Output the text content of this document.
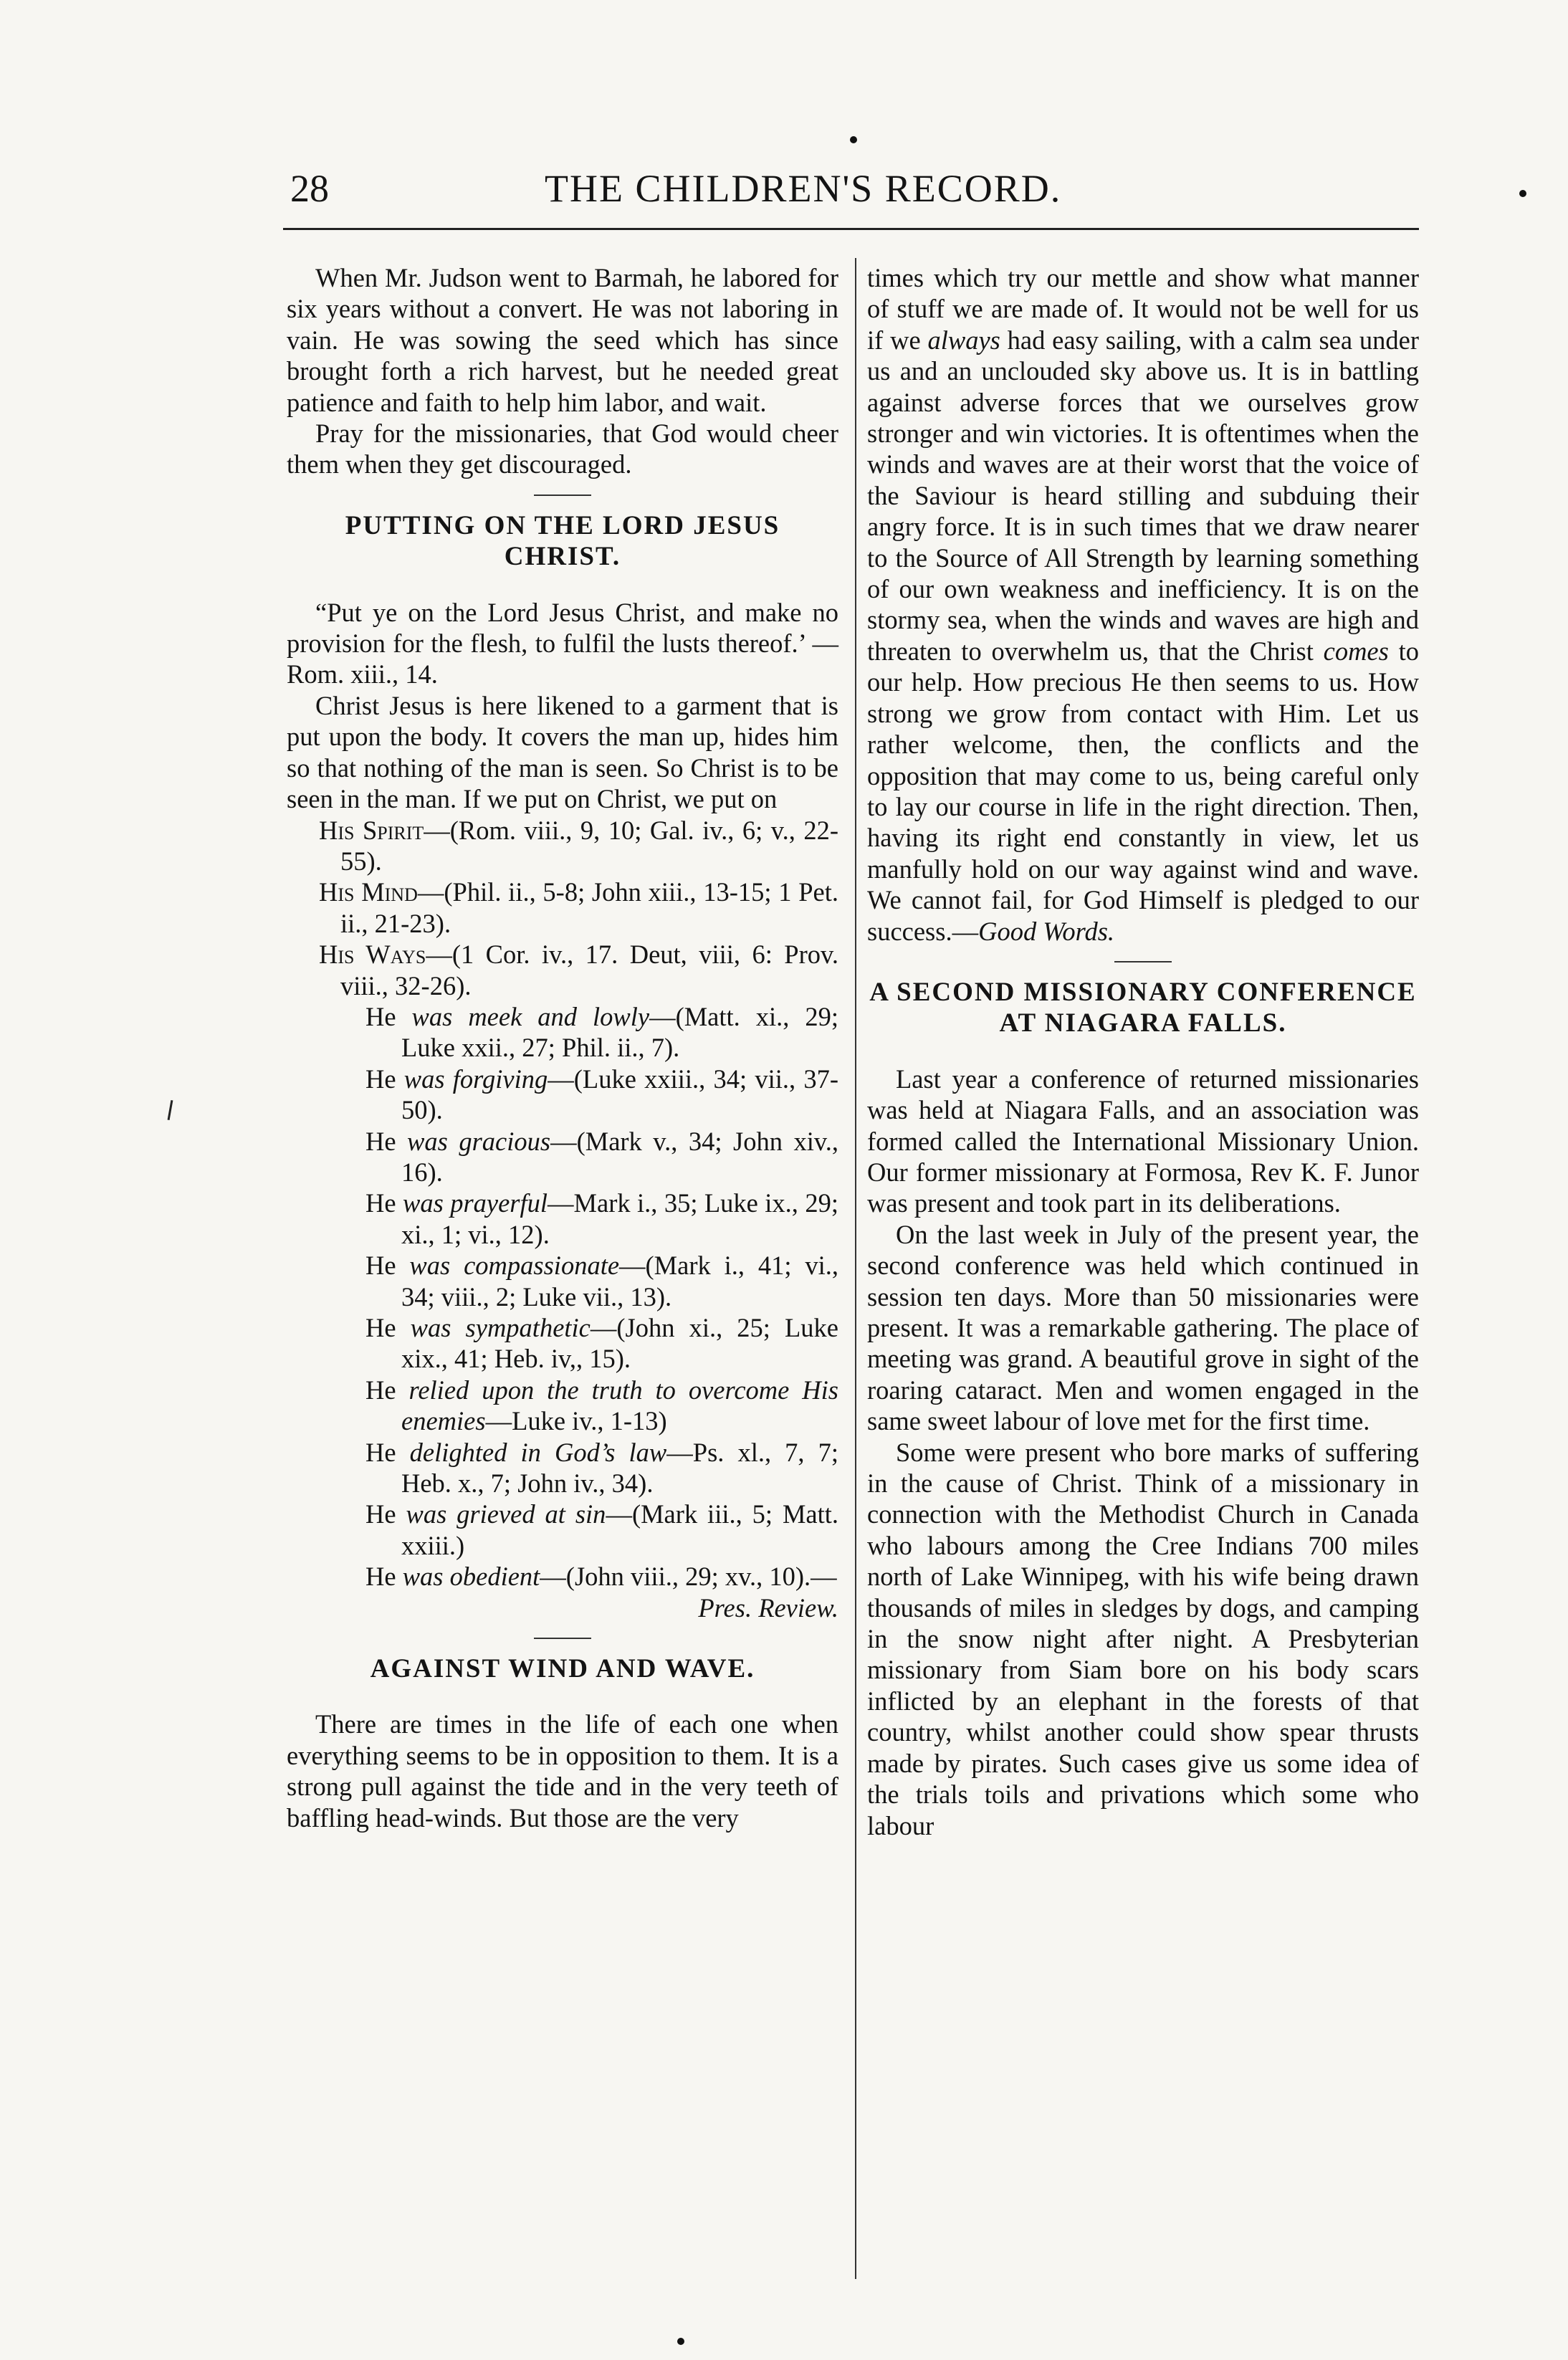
28	THE CHILDREN'S RECORD.

When Mr. Judson went to Barmah, he labored for six years without a convert. He was not laboring in vain. He was sowing the seed which has since brought forth a rich harvest, but he needed great patience and faith to help him labor, and wait.

Pray for the missionaries, that God would cheer them when they get discouraged.

PUTTING ON THE LORD JESUS CHRIST.

“Put ye on the Lord Jesus Christ, and make no provision for the flesh, to fulfil the lusts thereof.’ —Rom. xiii., 14.

Christ Jesus is here likened to a garment that is put upon the body. It covers the man up, hides him so that nothing of the man is seen. So Christ is to be seen in the man. If we put on Christ, we put on

His Spirit—(Rom. viii., 9, 10; Gal. iv., 6; v., 22-55).

His Mind—(Phil. ii., 5-8; John xiii., 13-15; 1 Pet. ii., 21-23).

His Ways—(1 Cor. iv., 17. Deut, viii, 6: Prov. viii., 32-26).

He was meek and lowly—(Matt. xi., 29; Luke xxii., 27; Phil. ii., 7).

He was forgiving—(Luke xxiii., 34; vii., 37-50).

He was gracious—(Mark v., 34; John xiv., 16).

He was prayerful—Mark i., 35; Luke ix., 29; xi., 1; vi., 12).

He was compassionate—(Mark i., 41; vi., 34; viii., 2; Luke vii., 13).

He was sympathetic—(John xi., 25; Luke xix., 41; Heb. iv,, 15).

He relied upon the truth to overcome His enemies—Luke iv., 1-13)

He delighted in God’s law—Ps. xl., 7, 7; Heb. x., 7; John iv., 34).

He was grieved at sin—(Mark iii., 5; Matt. xxiii.)

He was obedient—(John viii., 29; xv., 10).—

Pres. Review.

AGAINST WIND AND WAVE.

There are times in the life of each one when everything seems to be in opposition to them. It is a strong pull against the tide and in the very teeth of baffling head-winds. But those are the very

times which try our mettle and show what manner of stuff we are made of. It would not be well for us if we always had easy sailing, with a calm sea under us and an unclouded sky above us. It is in battling against adverse forces that we ourselves grow stronger and win victories. It is oftentimes when the winds and waves are at their worst that the voice of the Saviour is heard stilling and subduing their angry force. It is in such times that we draw nearer to the Source of All Strength by learning something of our own weakness and inefficiency. It is on the stormy sea, when the winds and waves are high and threaten to overwhelm us, that the Christ comes to our help. How precious He then seems to us. How strong we grow from contact with Him. Let us rather welcome, then, the conflicts and the opposition that may come to us, being careful only to lay our course in life in the right direction. Then, having its right end constantly in view, let us manfully hold on our way against wind and wave. We cannot fail, for God Himself is pledged to our success.—Good Words.

A SECOND MISSIONARY CONFERENCE AT NIAGARA FALLS.

Last year a conference of returned missionaries was held at Niagara Falls, and an association was formed called the International Missionary Union. Our former missionary at Formosa, Rev K. F. Junor was present and took part in its deliberations.

On the last week in July of the present year, the second conference was held which continued in session ten days. More than 50 missionaries were present. It was a remarkable gathering. The place of meeting was grand. A beautiful grove in sight of the roaring cataract. Men and women engaged in the same sweet labour of love met for the first time.

Some were present who bore marks of suffering in the cause of Christ. Think of a missionary in connection with the Methodist Church in Canada who labours among the Cree Indians 700 miles north of Lake Winnipeg, with his wife being drawn thousands of miles in sledges by dogs, and camping in the snow night after night. A Presbyterian missionary from Siam bore on his body scars inflicted by an elephant in the forests of that country, whilst another could show spear thrusts made by pirates. Such cases give us some idea of the trials toils and privations which some who labour
